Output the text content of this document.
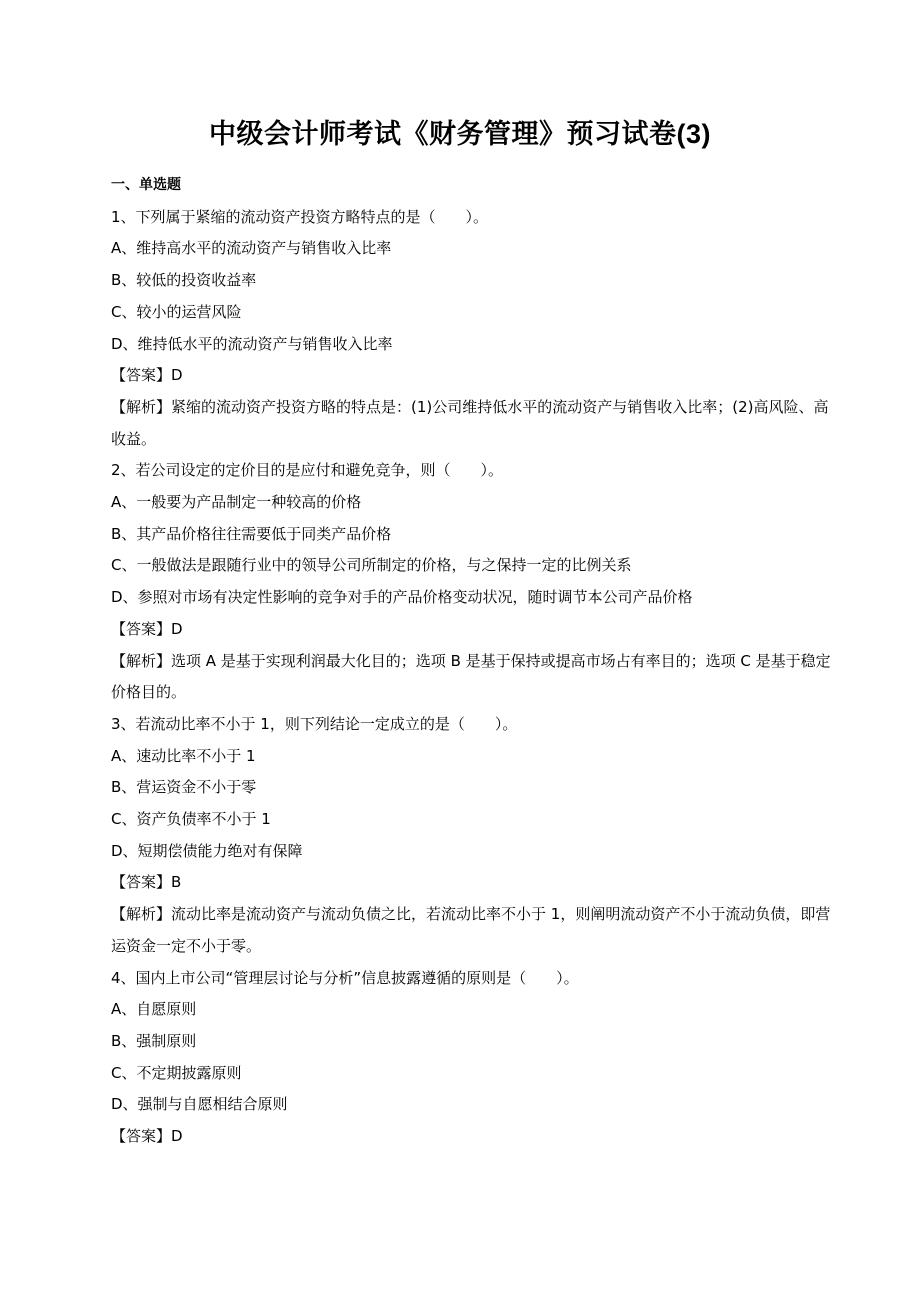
中级会计师考试《财务管理》预习试卷(3)
一、单选题
1、下列属于紧缩的流动资产投资方略特点的是（　　）。
A、维持高水平的流动资产与销售收入比率
B、较低的投资收益率
C、较小的运营风险
D、维持低水平的流动资产与销售收入比率
【答案】D
【解析】紧缩的流动资产投资方略的特点是：(1)公司维持低水平的流动资产与销售收入比率；(2)高风险、高收益。
2、若公司设定的定价目的是应付和避免竞争，则（　　）。
A、一般要为产品制定一种较高的价格
B、其产品价格往往需要低于同类产品价格
C、一般做法是跟随行业中的领导公司所制定的价格，与之保持一定的比例关系
D、参照对市场有决定性影响的竞争对手的产品价格变动状况，随时调节本公司产品价格
【答案】D
【解析】选项 A 是基于实现利润最大化目的；选项 B 是基于保持或提高市场占有率目的；选项 C 是基于稳定价格目的。
3、若流动比率不小于 1，则下列结论一定成立的是（　　）。
A、速动比率不小于 1
B、营运资金不小于零
C、资产负债率不小于 1
D、短期偿债能力绝对有保障
【答案】B
【解析】流动比率是流动资产与流动负债之比，若流动比率不小于 1，则阐明流动资产不小于流动负债，即营运资金一定不小于零。
4、国内上市公司“管理层讨论与分析”信息披露遵循的原则是（　　）。
A、自愿原则
B、强制原则
C、不定期披露原则
D、强制与自愿相结合原则
【答案】D
